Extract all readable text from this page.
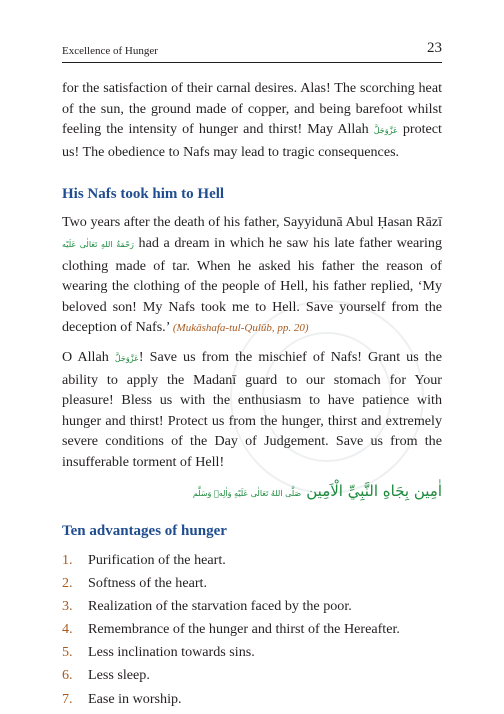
Excellence of Hunger	23

for the satisfaction of their carnal desires. Alas! The scorching heat of the sun, the ground made of copper, and being barefoot whilst feeling the intensity of hunger and thirst! May Allah عَزَّوَجَلَّ protect us! The obedience to Nafs may lead to tragic consequences.

His Nafs took him to Hell

Two years after the death of his father, Sayyidunā Abul Ḥasan Rāzī رَحْمَةُ اللهِ تَعَالٰی عَلَيْه had a dream in which he saw his late father wearing clothing made of tar. When he asked his father the reason of wearing the clothing of the people of Hell, his father replied, ‘My beloved son! My Nafs took me to Hell. Save yourself from the deception of Nafs.’ (Mukāshafa-tul-Qulūb, pp. 20)

O Allah عَزَّوَجَلَّ! Save us from the mischief of Nafs! Grant us the ability to apply the Madanī guard to our stomach for Your pleasure! Bless us with the enthusiasm to have patience with hunger and thirst! Protect us from the hunger, thirst and extremely severe conditions of the Day of Judgement. Save us from the insufferable torment of Hell!

اٰمِين بِجَاهِ النَّبِيِّ الْاَمِين صَلَّى اللهُ تَعَالٰی عَلَيْهِ وَاٰلِهٖ وَسَلَّم
Ten advantages of hunger
1. Purification of the heart.
2. Softness of the heart.
3. Realization of the starvation faced by the poor.
4. Remembrance of the hunger and thirst of the Hereafter.
5. Less inclination towards sins.
6. Less sleep.
7. Ease in worship.
